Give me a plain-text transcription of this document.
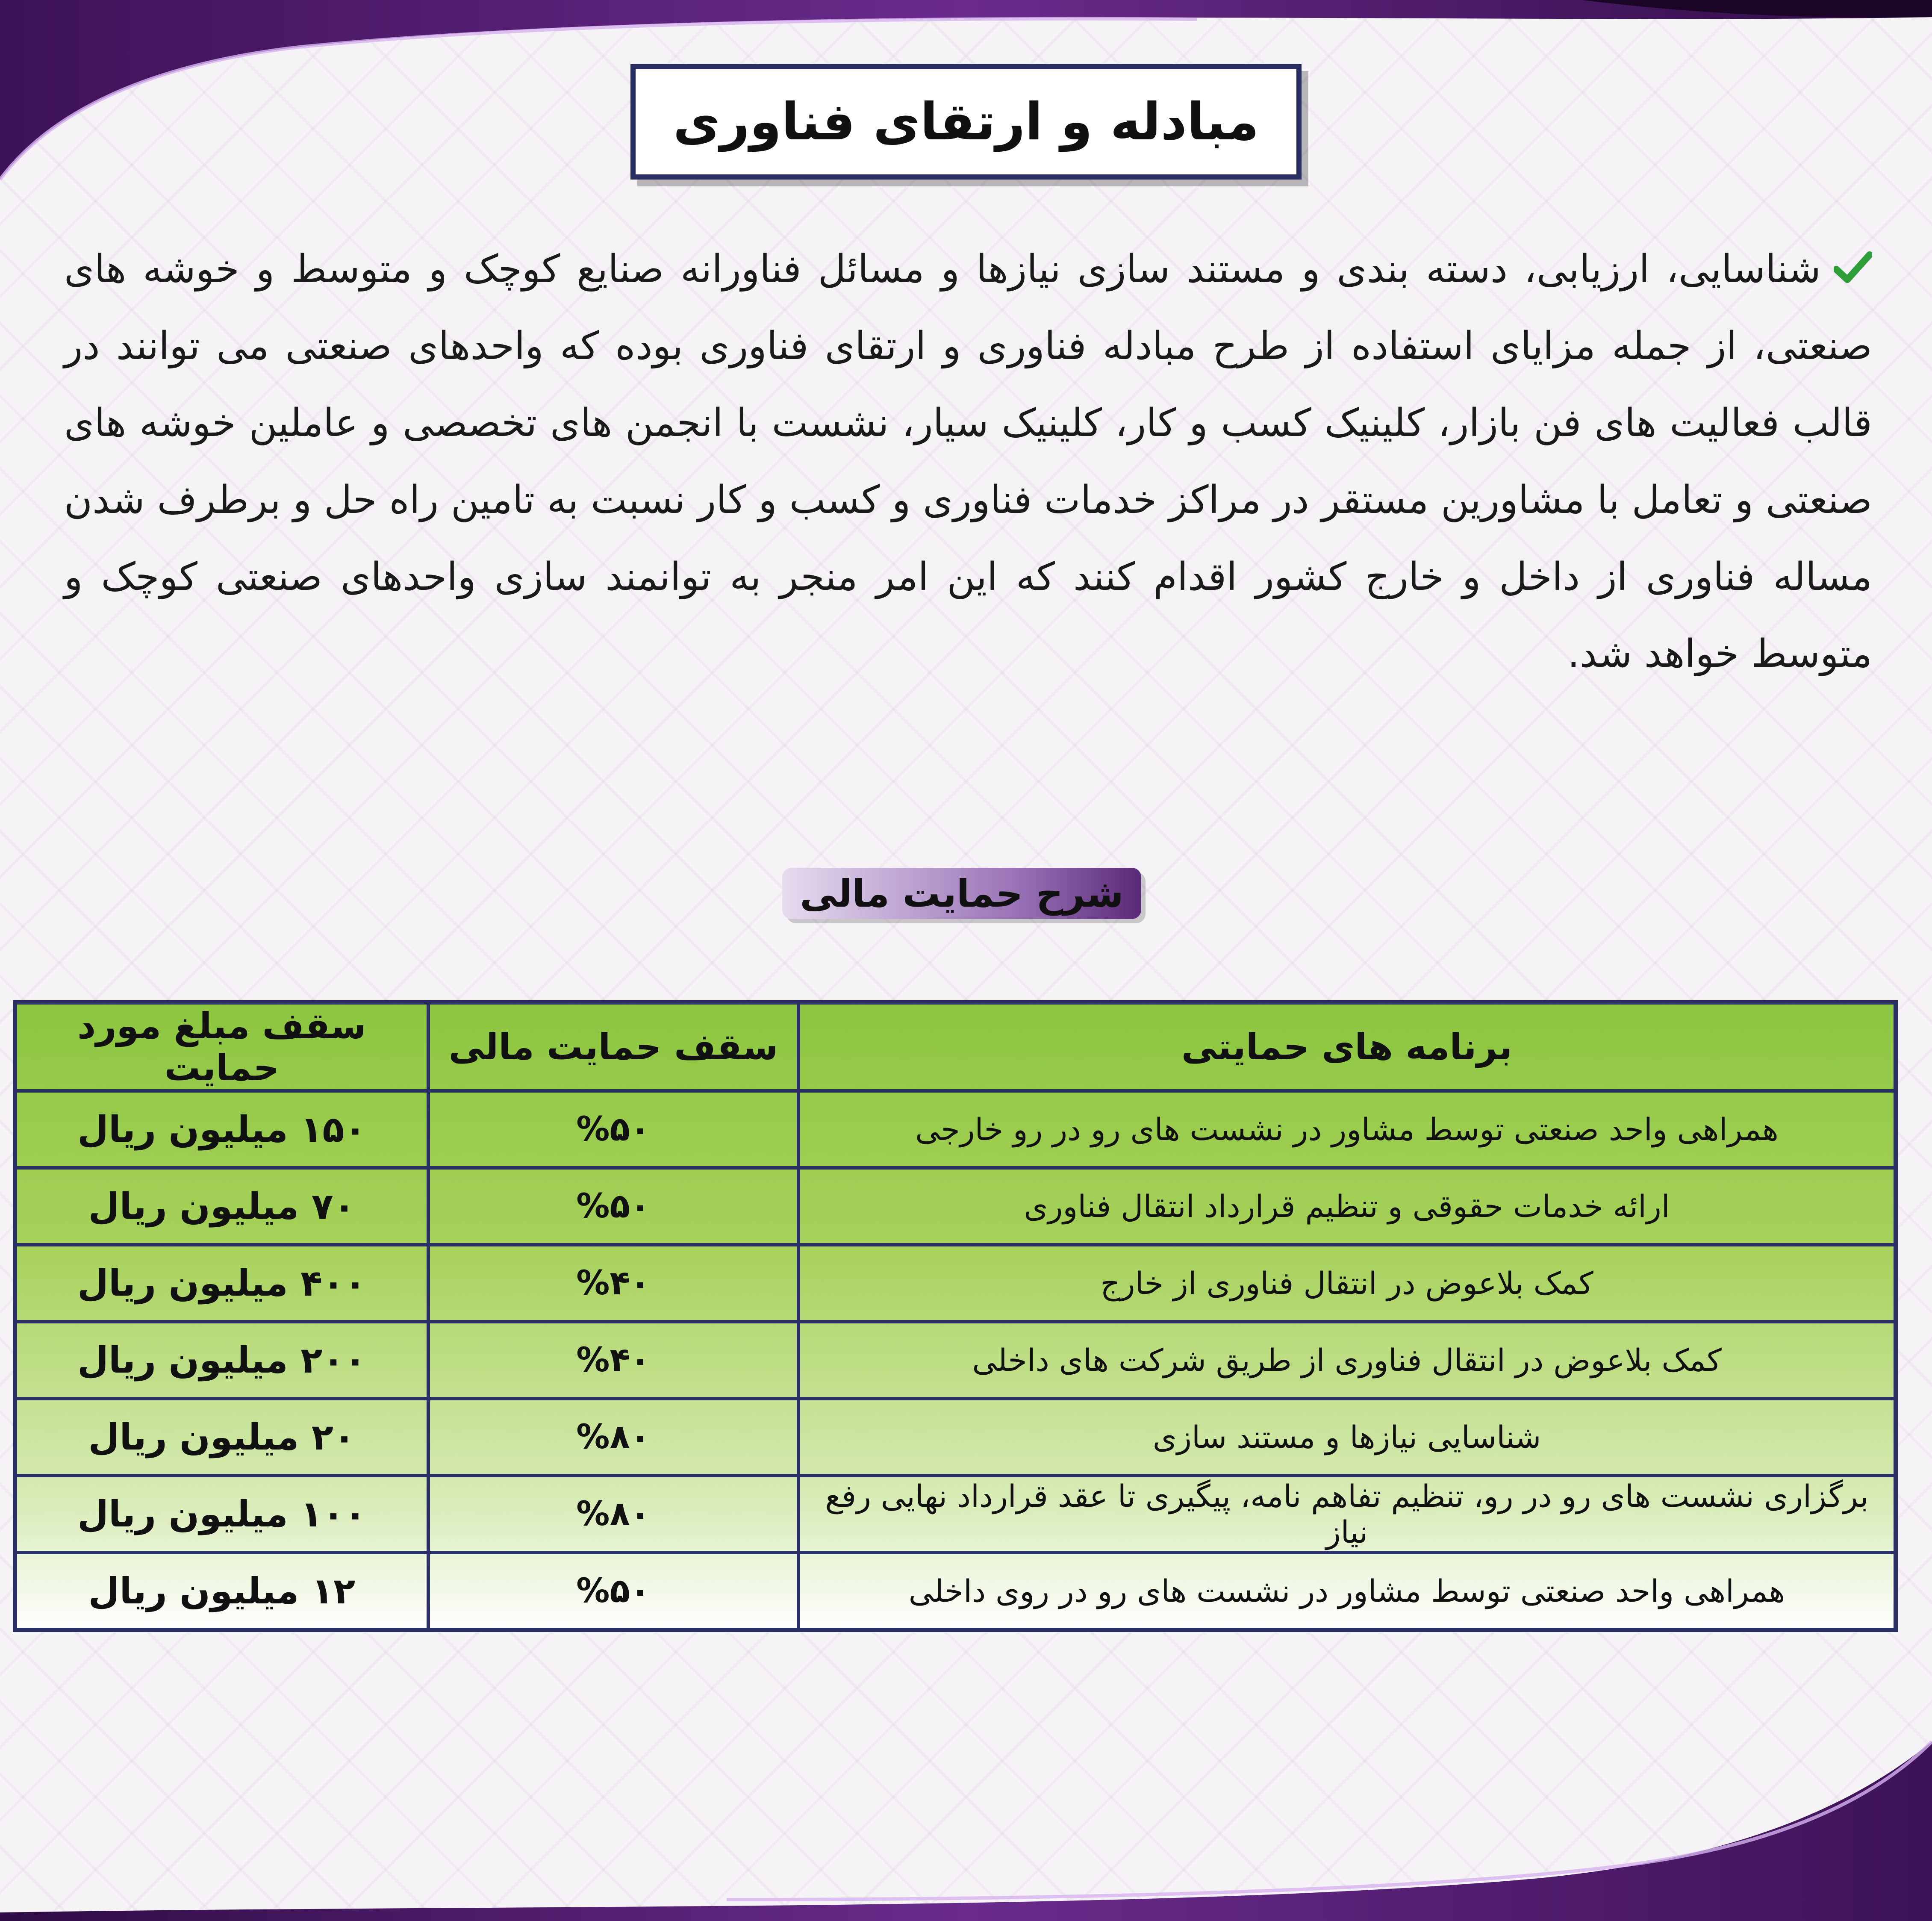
مبادله و ارتقای فناوری
شناسایی، ارزیابی، دسته بندی و مستند سازی نیازها و مسائل فناورانه صنایع کوچک و متوسط و خوشه های صنعتی، از جمله مزایای استفاده از طرح مبادله فناوری و ارتقای فناوری بوده که واحدهای صنعتی می توانند در قالب فعالیت های فن بازار، کلینیک کسب و کار، کلینیک سیار، نشست با انجمن های تخصصی و عاملین خوشه های صنعتی و تعامل با مشاورین مستقر در مراکز خدمات فناوری و کسب و کار نسبت به تامین راه حل و برطرف شدن مساله فناوری از داخل و خارج کشور اقدام کنند که این امر منجر به توانمند سازی واحدهای صنعتی کوچک و متوسط خواهد شد.
شرح حمایت مالی
برنامه های حمایتی	سقف حمایت مالی	سقف مبلغ مورد حمایت
همراهی واحد صنعتی توسط مشاور در نشست های رو در رو خارجی	%۵۰	۱۵۰ میلیون ریال
ارائه خدمات حقوقی و تنظیم قرارداد انتقال فناوری	%۵۰	۷۰ میلیون ریال
کمک بلاعوض در انتقال فناوری از خارج	%۴۰	۴۰۰ میلیون ریال
کمک بلاعوض در انتقال فناوری از طریق شرکت های داخلی	%۴۰	۲۰۰ میلیون ریال
شناسایی نیازها و مستند سازی	%۸۰	۲۰ میلیون ریال
برگزاری نشست های رو در رو، تنظیم تفاهم نامه، پیگیری تا عقد قرارداد نهایی رفع نیاز	%۸۰	۱۰۰ میلیون ریال
همراهی واحد صنعتی توسط مشاور در نشست های رو در روی داخلی	%۵۰	۱۲ میلیون ریال
